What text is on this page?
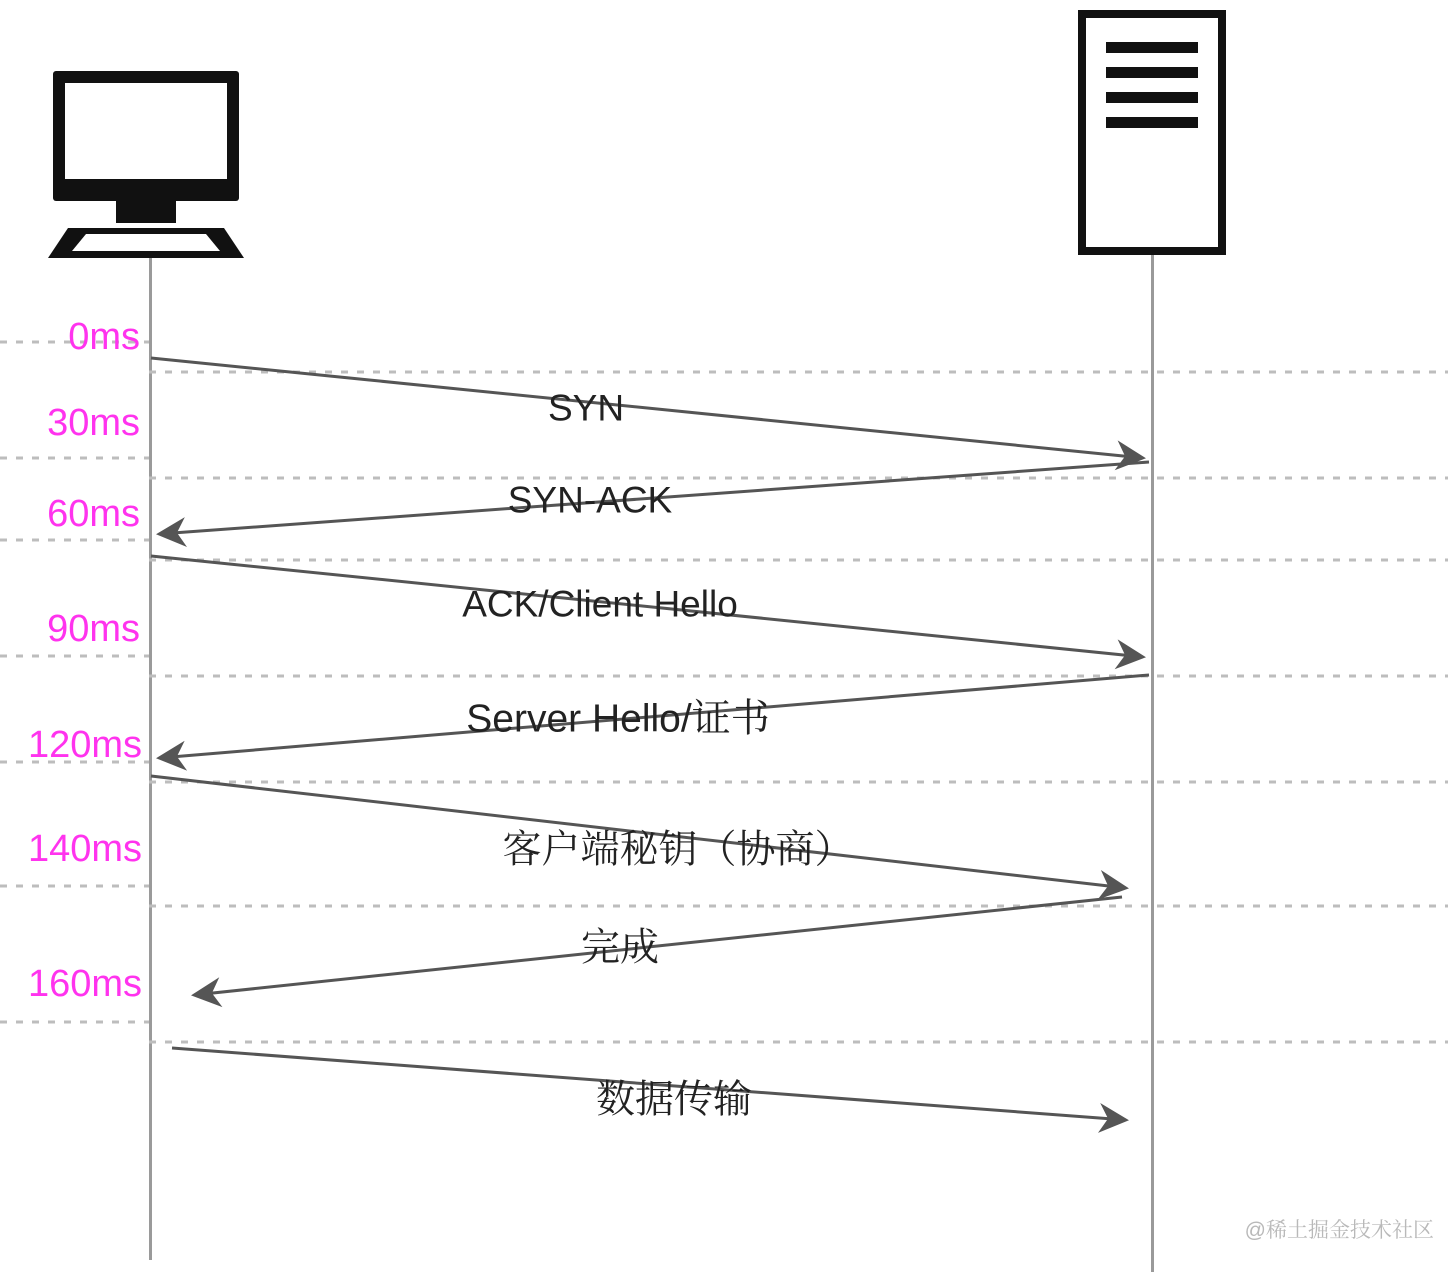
0ms
30ms
60ms
90ms
120ms
140ms
160ms
SYN
SYN-ACK
ACK/Client Hello
Server Hello/证书
客户端秘钥（协商）
完成
数据传输
@稀土掘金技术社区
